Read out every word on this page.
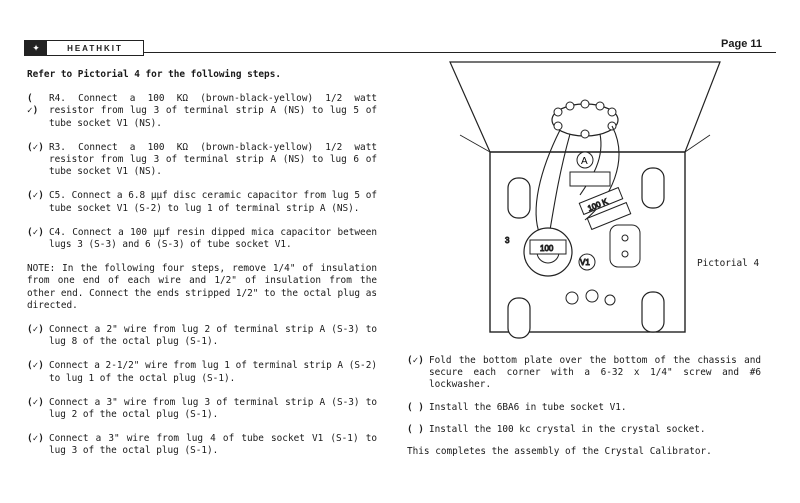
✦	HEATHKIT	Page 11
Refer to Pictorial 4 for the following steps.
( ✓)
R4. Connect a 100 KΩ (brown-black-yellow) 1/2 watt resistor from lug 3 of terminal strip A (NS) to lug 5 of tube socket V1 (NS).
(✓) R3. Connect a 100 KΩ (brown-black-yellow) 1/2 watt resistor from lug 3 of terminal strip A (NS) to lug 6 of tube socket V1 (NS).
(✓) C5. Connect a 6.8 μμf disc ceramic capacitor from lug 5 of tube socket V1 (S-2) to lug 1 of terminal strip A (NS).
(✓) C4. Connect a 100 μμf resin dipped mica capacitor between lugs 3 (S-3) and 6 (S-3) of tube socket V1.
NOTE: In the following four steps, remove 1/4" of insulation from one end of each wire and 1/2" of insulation from the other end. Connect the ends stripped 1/2" to the octal plug as directed.
(✓) Connect a 2" wire from lug 2 of terminal strip A (S-3) to lug 8 of the octal plug (S-1).
(✓) Connect a 2-1/2" wire from lug 1 of terminal strip A (S-2) to lug 1 of the octal plug (S-1).
(✓) Connect a 3" wire from lug 3 of terminal strip A (S-3) to lug 2 of the octal plug (S-1).
(✓) Connect a 3" wire from lug 4 of tube socket V1 (S-1) to lug 3 of the octal plug (S-1).
A
100 K
100
V1
3
Pictorial 4
(✓) Fold the bottom plate over the bottom of the chassis and secure each corner with a 6-32 x 1/4" screw and #6 lockwasher.
( ) Install the 6BA6 in tube socket V1.
( ) Install the 100 kc crystal in the crystal socket.
This completes the assembly of the Crystal Calibrator.
